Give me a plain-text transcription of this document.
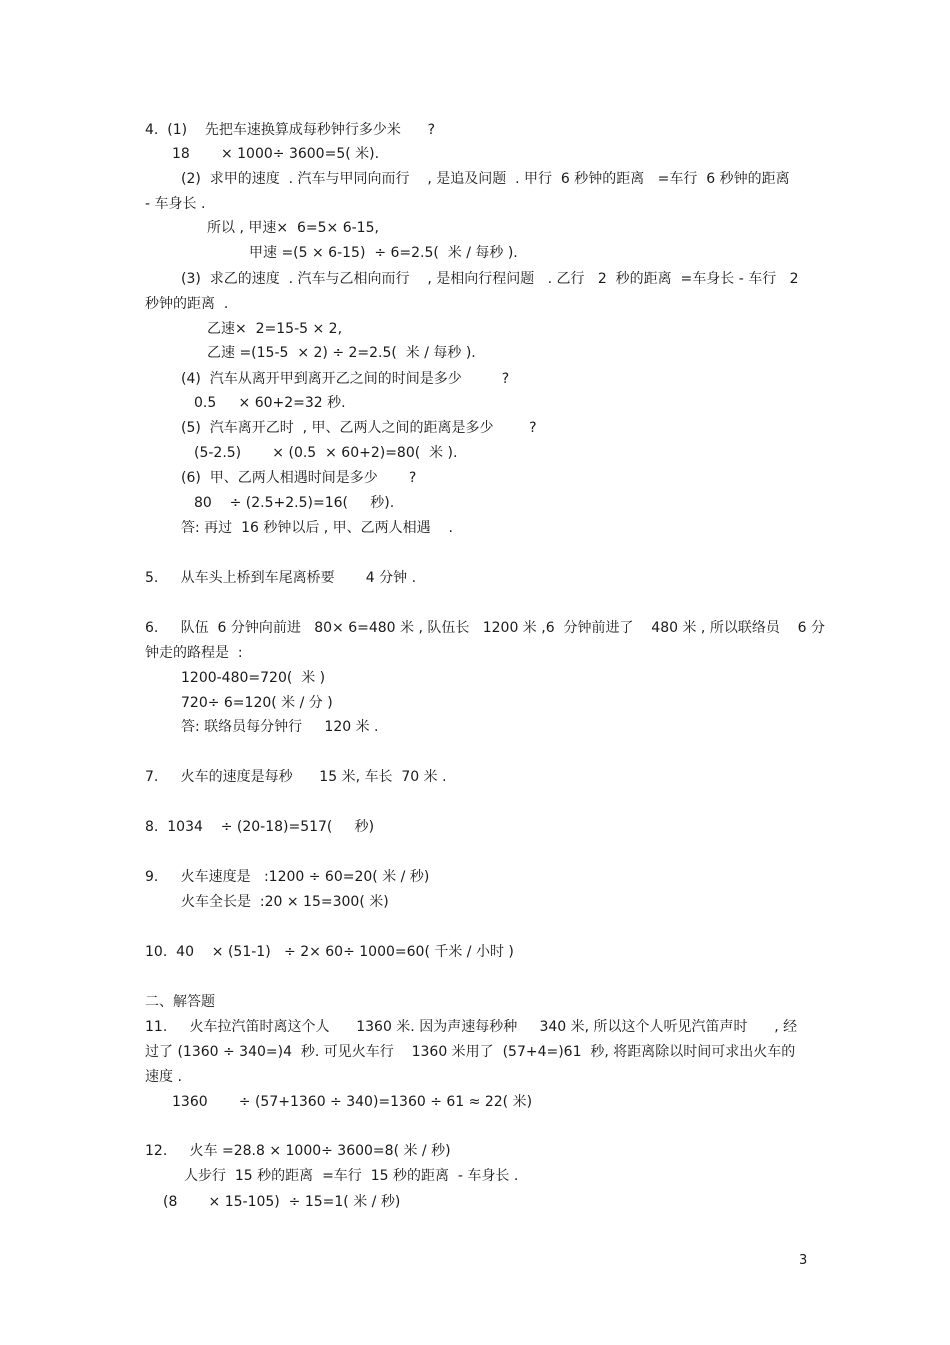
4.  (1)    先把车速换算成每秒钟行多少米      ?
18       × 1000÷ 3600=5( 米).
(2)  求甲的速度  . 汽车与甲同向而行    , 是追及问题  . 甲行  6 秒钟的距离   =车行  6 秒钟的距离
- 车身长 .
所以 , 甲速×  6=5× 6-15,
甲速 =(5 × 6-15)  ÷ 6=2.5(  米 / 每秒 ).
(3)  求乙的速度  . 汽车与乙相向而行    , 是相向行程问题   . 乙行   2  秒的距离  =车身长 - 车行   2
秒钟的距离  .
乙速×  2=15-5 × 2,
乙速 =(15-5  × 2) ÷ 2=2.5(  米 / 每秒 ).
(4)  汽车从离开甲到离开乙之间的时间是多少         ?
0.5     × 60+2=32 秒.
(5)  汽车离开乙时  , 甲、乙两人之间的距离是多少        ?
(5-2.5)       × (0.5  × 60+2)=80(  米 ).
(6)  甲、乙两人相遇时间是多少       ?
80    ÷ (2.5+2.5)=16(     秒).
答: 再过  16 秒钟以后 , 甲、乙两人相遇    .
5.     从车头上桥到车尾离桥要       4 分钟 .
6.     队伍  6 分钟向前进   80× 6=480 米 , 队伍长   1200 米 ,6  分钟前进了    480 米 , 所以联络员    6 分
钟走的路程是  :
1200-480=720(  米 )
720÷ 6=120( 米 / 分 )
答: 联络员每分钟行     120 米 .
7.     火车的速度是每秒      15 米, 车长  70 米 .
8.  1034    ÷ (20-18)=517(     秒)
9.     火车速度是   :1200 ÷ 60=20( 米 / 秒)
火车全长是  :20 × 15=300( 米)
10.  40    × (51-1)   ÷ 2× 60÷ 1000=60( 千米 / 小时 )
二、解答题
11.     火车拉汽笛时离这个人      1360 米. 因为声速每秒种     340 米, 所以这个人听见汽笛声时      , 经
过了 (1360 ÷ 340=)4  秒. 可见火车行    1360 米用了  (57+4=)61  秒, 将距离除以时间可求出火车的
速度 .
1360       ÷ (57+1360 ÷ 340)=1360 ÷ 61 ≈ 22( 米)
12.     火车 =28.8 × 1000÷ 3600=8( 米 / 秒)
人步行  15 秒的距离  =车行  15 秒的距离  - 车身长 .
(8       × 15-105)  ÷ 15=1( 米 / 秒)
3
